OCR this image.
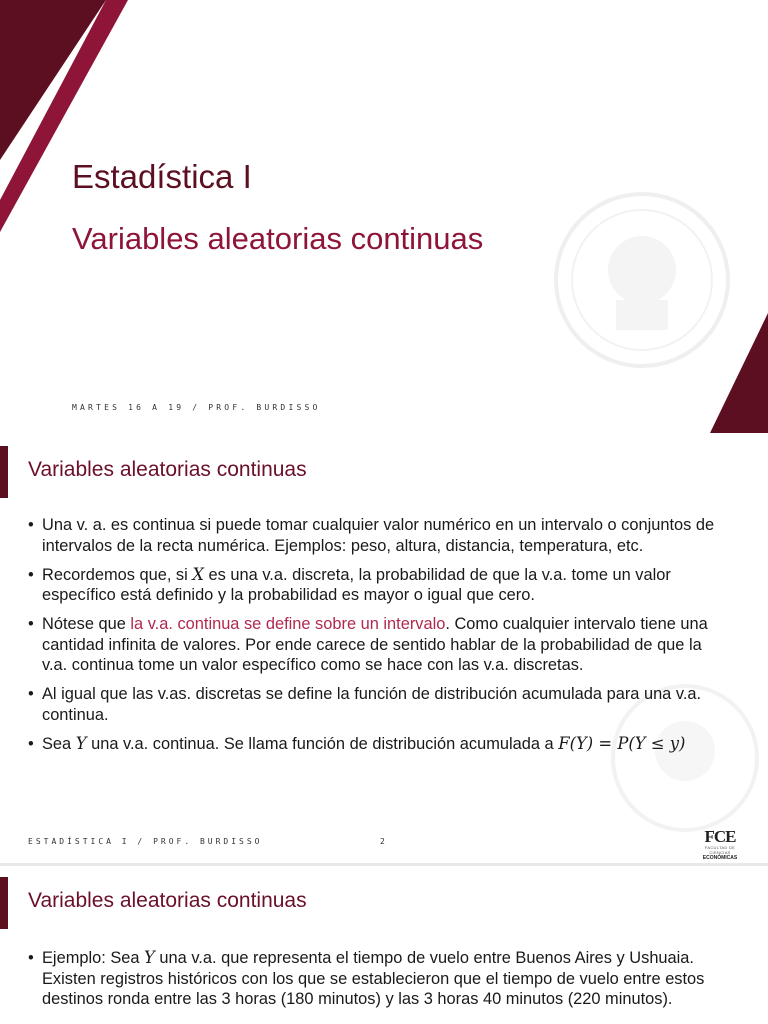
Estadística I
Variables aleatorias continuas

MARTES 16 A 19 / PROF. BURDISSO

Variables aleatorias continuas
• Una v. a. es continua si puede tomar cualquier valor numérico en un intervalo o conjuntos de intervalos de la recta numérica. Ejemplos: peso, altura, distancia, temperatura, etc.
• Recordemos que, si X es una v.a. discreta, la probabilidad de que la v.a. tome un valor específico está definido y la probabilidad es mayor o igual que cero.
• Nótese que la v.a. continua se define sobre un intervalo. Como cualquier intervalo tiene una cantidad infinita de valores. Por ende carece de sentido hablar de la probabilidad de que la v.a. continua tome un valor específico como se hace con las v.a. discretas.
• Al igual que las v.as. discretas se define la función de distribución acumulada para una v.a. continua.
• Sea Y una v.a. continua. Se llama función de distribución acumulada a F(Y) = P(Y ≤ y)

ESTADÍSTICA I / PROF. BURDISSO	2	FCE
FACULTAD DE CIENCIAS
ECONÓMICAS
Variables aleatorias continuas
• Ejemplo: Sea Y una v.a. que representa el tiempo de vuelo entre Buenos Aires y Ushuaia. Existen registros históricos con los que se establecieron que el tiempo de vuelo entre estos destinos ronda entre las 3 horas (180 minutos) y las 3 horas 40 minutos (220 minutos).
